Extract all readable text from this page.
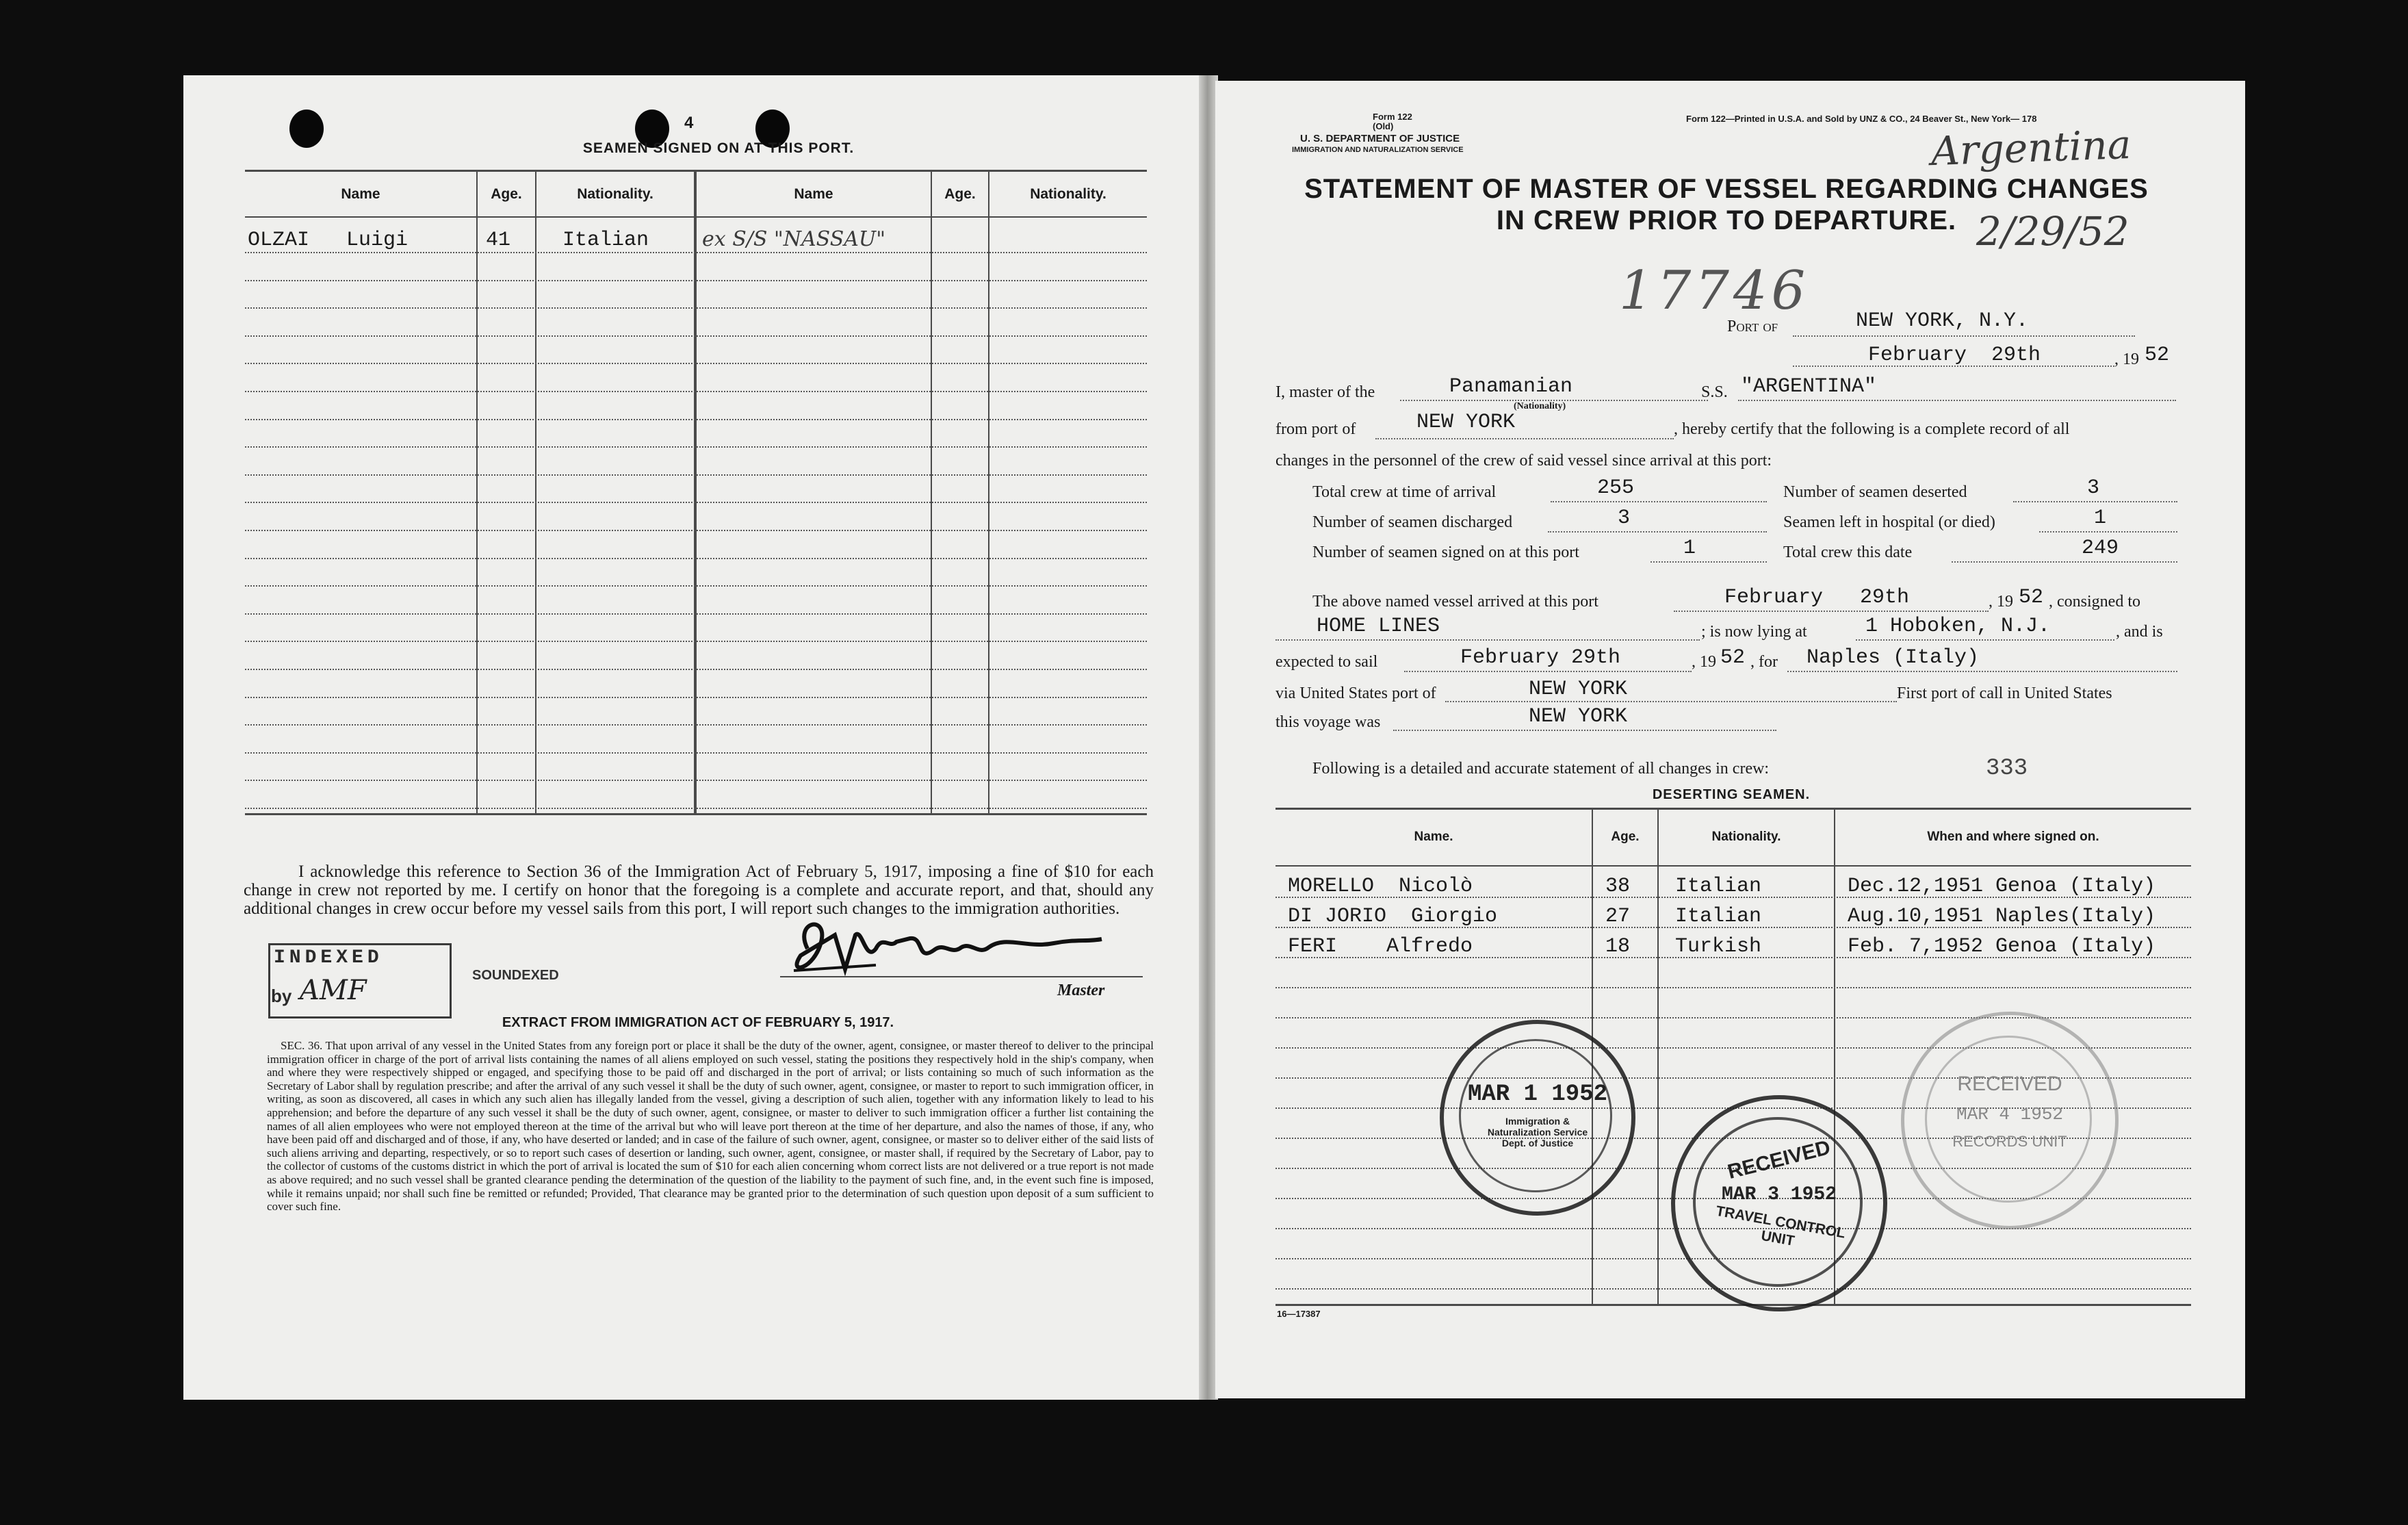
4
SEAMEN SIGNED ON AT THIS PORT.
Name	Age.	Nationality.	Name	Age.	Nationality.
OLZAI   Luigi	41	Italian	ex S/S "NASSAU"
I acknowledge this reference to Section 36 of the Immigration Act of February 5, 1917, imposing a fine of $10 for each change in crew not reported by me. I certify on honor that the foregoing is a complete and accurate report, and that, should any additional changes in crew occur before my vessel sails from this port, I will report such changes to the immigration authorities.
INDEXED
by AMF	SOUNDEXED
Master
EXTRACT FROM IMMIGRATION ACT OF FEBRUARY 5, 1917.
SEC. 36. That upon arrival of any vessel in the United States from any foreign port or place it shall be the duty of the owner, agent, consignee, or master thereof to deliver to the principal immigration officer in charge of the port of arrival lists containing the names of all aliens employed on such vessel, stating the positions they respectively hold in the ship's company, when and where they were respectively shipped or engaged, and specifying those to be paid off and discharged in the port of arrival; or lists containing so much of such information as the Secretary of Labor shall by regulation prescribe; and after the arrival of any such vessel it shall be the duty of such owner, agent, consignee, or master to report to such immigration officer, in writing, as soon as discovered, all cases in which any such alien has illegally landed from the vessel, giving a description of such alien, together with any information likely to lead to his apprehension; and before the departure of any such vessel it shall be the duty of such owner, agent, consignee, or master to deliver to such immigration officer a further list containing the names of all alien employees who were not employed thereon at the time of the arrival but who will leave port thereon at the time of her departure, and also the names of those, if any, who have been paid off and discharged and of those, if any, who have deserted or landed; and in case of the failure of such owner, agent, consignee, or master so to deliver either of the said lists of such aliens arriving and departing, respectively, or so to report such cases of desertion or landing, such owner, agent, consignee, or master shall, if required by the Secretary of Labor, pay to the collector of customs of the customs district in which the port of arrival is located the sum of $10 for each alien concerning whom correct lists are not delivered or a true report is not made as above required; and no such vessel shall be granted clearance pending the determination of the question of the liability to the payment of such fine, and, in the event such fine is imposed, while it remains unpaid; nor shall such fine be remitted or refunded; Provided, That clearance may be granted prior to the determination of such question upon deposit of a sum sufficient to cover such fine.
Form 122 (Old)
U. S. DEPARTMENT OF JUSTICE
IMMIGRATION AND NATURALIZATION SERVICE
Form 122—Printed in U.S.A. and Sold by UNZ & CO., 24 Beaver St., New York— 178
Argentina
2/29/52
STATEMENT OF MASTER OF VESSEL REGARDING CHANGES
IN CREW PRIOR TO DEPARTURE.
17746
Port of	NEW YORK, N.Y.
February  29th	, 19 52
I, master of the	Panamanian
(Nationality)
S.S. "ARGENTINA"
from port of	NEW YORK	, hereby certify that the following is a complete record of all
changes in the personnel of the crew of said vessel since arrival at this port:
Total crew at time of arrival	255	Number of seamen deserted	3
Number of seamen discharged	3	Seamen left in hospital (or died)	1
Number of seamen signed on at this port	1	Total crew this date	249
The above named vessel arrived at this port	February   29th	, 19 52 , consigned to
HOME LINES	; is now lying at	1 Hoboken, N.J.	, and is
expected to sail	February 29th	, 19 52 , for Naples (Italy)
via United States port of	NEW YORK	First port of call in United States
this voyage was	NEW YORK
Following is a detailed and accurate statement of all changes in crew:	333
DESERTING SEAMEN.
Name.	Age.	Nationality.	When and where signed on.
MORELLO  Nicolò	38 Italian	Dec.12,1951 Genoa (Italy)
DI JORIO  Giorgio	27 Italian	Aug.10,1951 Naples(Italy)
FERI    Alfredo	18 Turkish	Feb. 7,1952 Genoa (Italy)
MAR 1 1952
Immigration & Naturalization Service Dept. of Justice	RECEIVED
MAR 3 1952
TRAVEL CONTROL UNIT
RECEIVED
MAR 4 1952
RECORDS UNIT
16—17387
